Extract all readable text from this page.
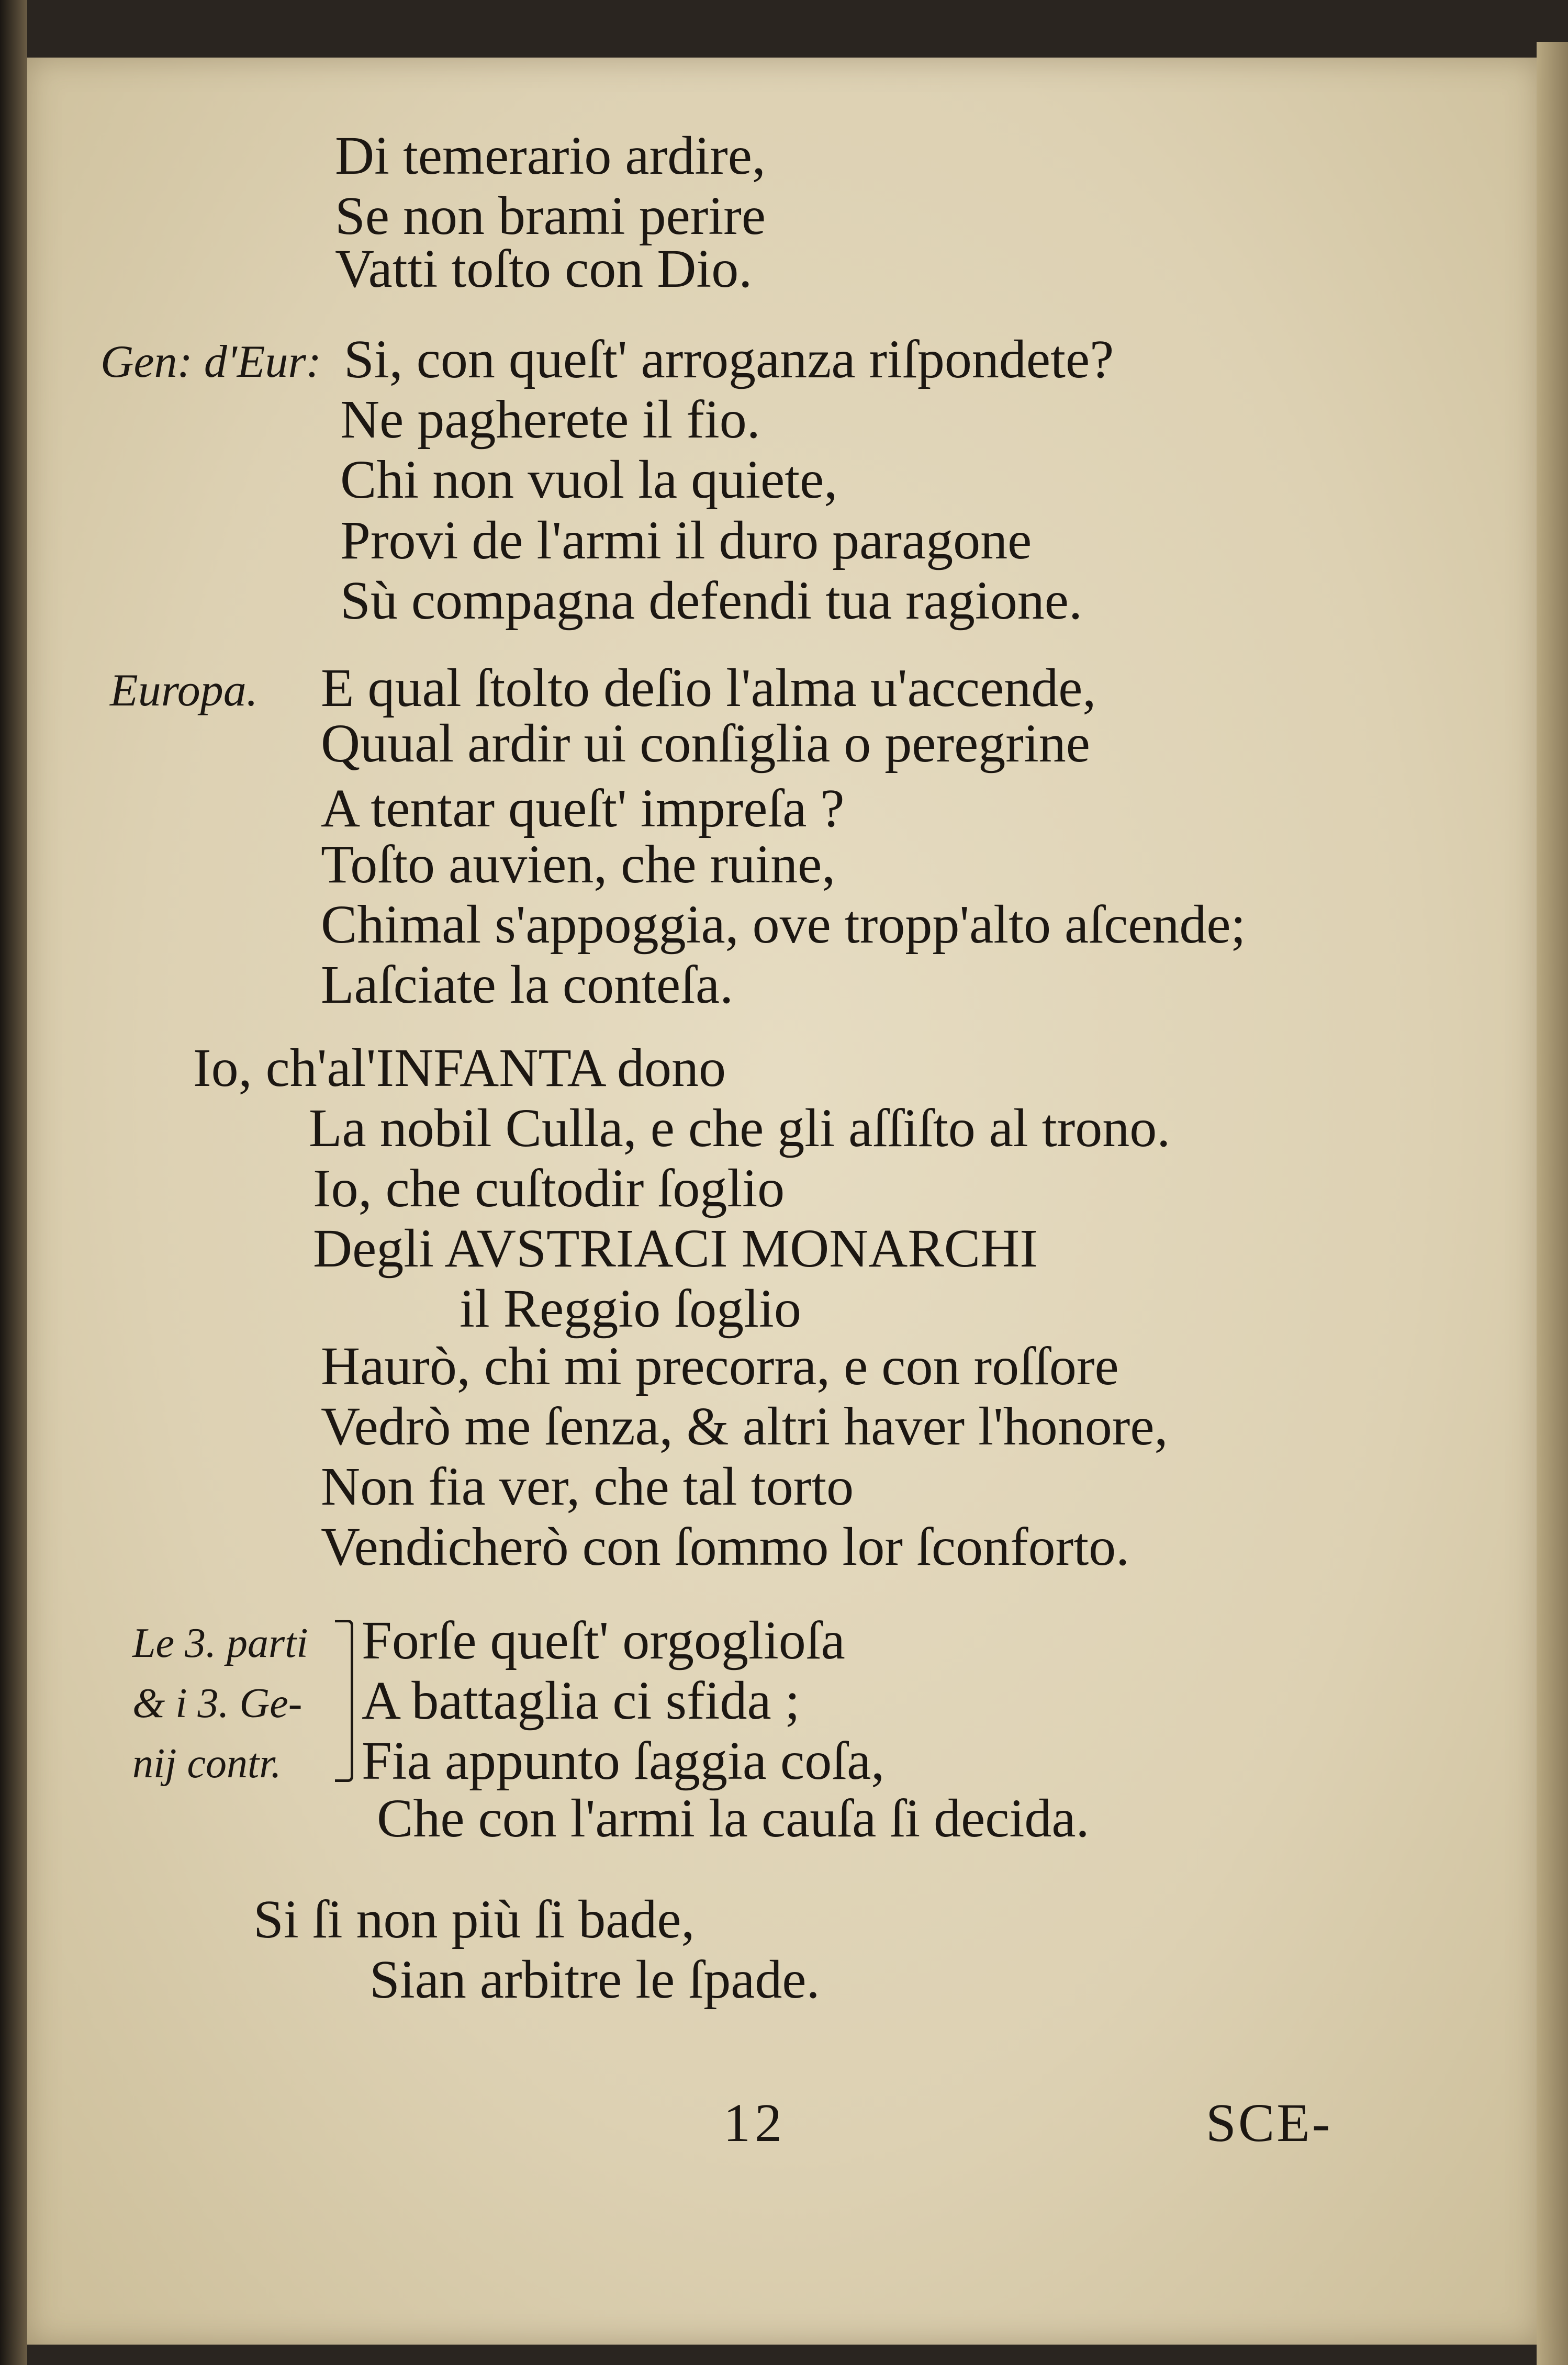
Di temerario ardire,
Se non brami perire
Vatti toſto con Dio.
Gen: d'Eur: Si, con queſt' arroganza riſpondete?
Ne pagherete il fio.
Chi non vuol la quiete,
Provi de l'armi il duro paragone
Sù compagna defendi tua ragione.
Europa. E qual ſtolto deſio l'alma u'accende,
Quual ardir ui conſiglia o peregrine
A tentar queſt' impreſa ?
Toſto auvien, che ruine,
Chimal s'appoggia, ove tropp'alto aſcende;
Laſciate la conteſa.
Io, ch'al'INFANTA dono
La nobil Culla, e che gli aſſiſto al trono.
Io, che cuſtodir ſoglio
Degli AVSTRIACI MONARCHI
il Reggio ſoglio
Haurò, chi mi precorra, e con roſſore
Vedrò me ſenza, & altri haver l'honore,
Non fia ver, che tal torto
Vendicherò con ſommo lor ſconforto.
Le 3. parti
& i 3. Ge-
nij contr.
Forſe queſt' orgoglioſa
A battaglia ci sfida ;
Fia appunto ſaggia coſa,
Che con l'armi la cauſa ſi decida.
Si ſi non più ſi bade,
Sian arbitre le ſpade.
12	SCE-
